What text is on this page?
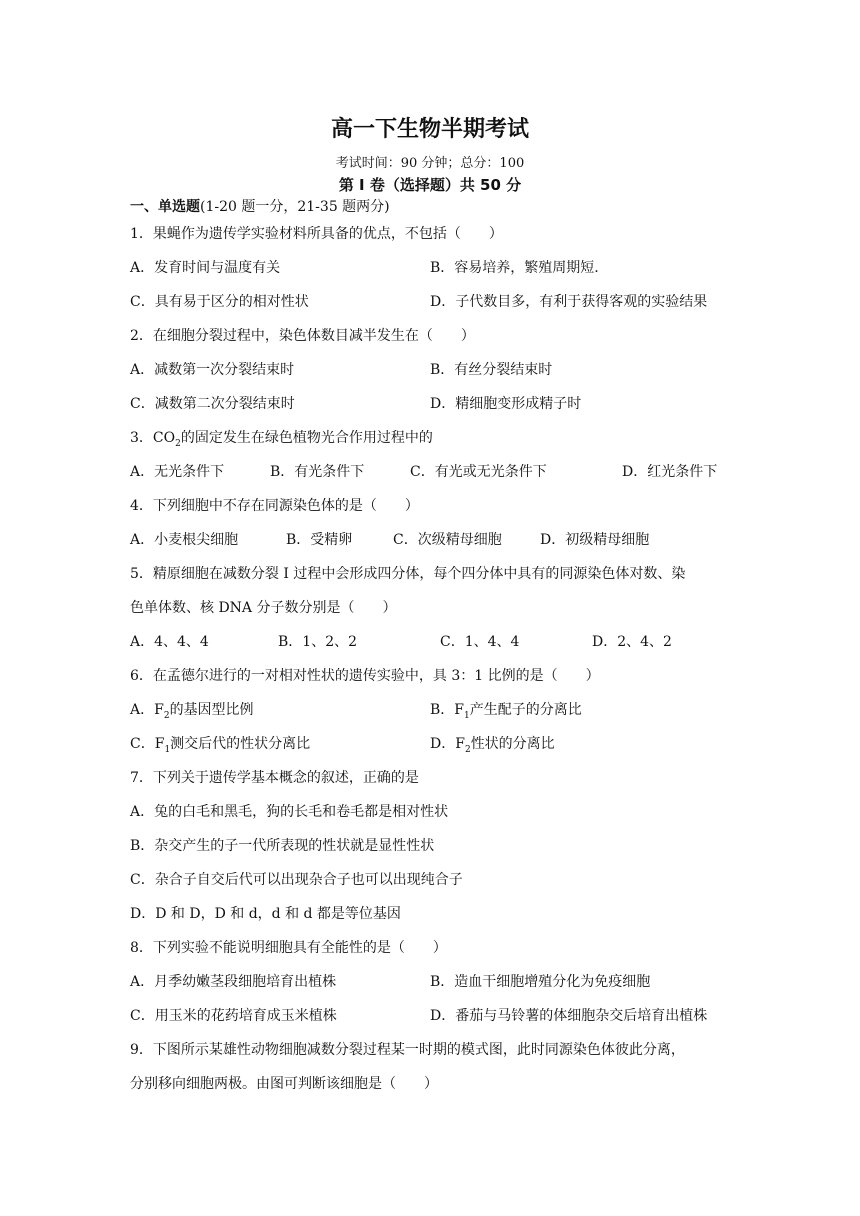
高一下生物半期考试
考试时间：90 分钟；总分：100
第 I 卷（选择题）共 50 分
一、单选题(1-20 题一分，21-35 题两分)
1．果蝇作为遗传学实验材料所具备的优点，不包括（　　）
A．发育时间与温度有关	B．容易培养，繁殖周期短.
C．具有易于区分的相对性状	D．子代数目多，有利于获得客观的实验结果
2．在细胞分裂过程中，染色体数目减半发生在（　　）
A．减数第一次分裂结束时	B．有丝分裂结束时
C．减数第二次分裂结束时	D．精细胞变形成精子时
3．$CO_2$的固定发生在绿色植物光合作用过程中的
A．无光条件下	B．有光条件下	C．有光或无光条件下	D．红光条件下
4．下列细胞中不存在同源染色体的是（　　）
A．小麦根尖细胞	B．受精卵	C．次级精母细胞	D．初级精母细胞
5．精原细胞在减数分裂 I 过程中会形成四分体，每个四分体中具有的同源染色体对数、染
色单体数、核 DNA 分子数分别是（　　）
A．4、4、4	B．1、2、2	C．1、4、4	D．2、4、2
6．在孟德尔进行的一对相对性状的遗传实验中，具 3：1 比例的是（　　）
A．$F_2$的基因型比例	B．$F_1$产生配子的分离比
C．$F_1$测交后代的性状分离比	D．$F_2$性状的分离比
7．下列关于遗传学基本概念的叙述，正确的是
A．兔的白毛和黑毛，狗的长毛和卷毛都是相对性状
B．杂交产生的子一代所表现的性状就是显性性状
C．杂合子自交后代可以出现杂合子也可以出现纯合子
D．D 和 D，D 和 d，d 和 d 都是等位基因
8．下列实验不能说明细胞具有全能性的是（　　）
A．月季幼嫩茎段细胞培育出植株	B．造血干细胞增殖分化为免疫细胞
C．用玉米的花药培育成玉米植株	D．番茄与马铃薯的体细胞杂交后培育出植株
9．下图所示某雄性动物细胞减数分裂过程某一时期的模式图，此时同源染色体彼此分离，
分别移向细胞两极。由图可判断该细胞是（　　）
